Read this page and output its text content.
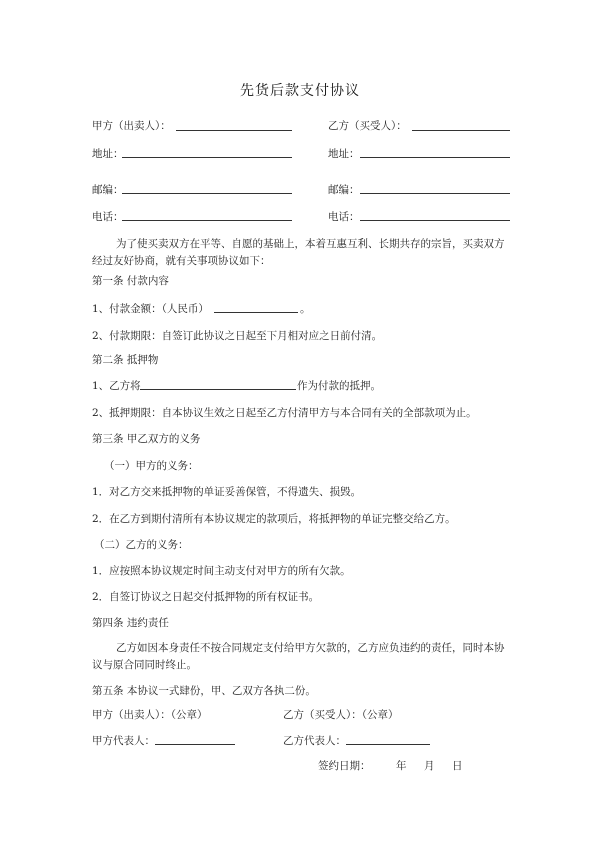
先货后款支付协议
甲方（出卖人）：	乙方（买受人）：
地址：	地址：
邮编：	邮编：
电话：	电话：
为了使买卖双方在平等、自愿的基础上，本着互惠互利、长期共存的宗旨，买卖双方经过友好协商，就有关事项协议如下：
第一条 付款内容
1、付款金额：（人民币）	。
2、付款期限：自签订此协议之日起至下月相对应之日前付清。
第二条 抵押物
1、乙方将	作为付款的抵押。
2、抵押期限：自本协议生效之日起至乙方付清甲方与本合同有关的全部款项为止。
第三条 甲乙双方的义务
（一）甲方的义务：
1．对乙方交来抵押物的单证妥善保管，不得遗失、损毁。
2．在乙方到期付清所有本协议规定的款项后，将抵押物的单证完整交给乙方。
（二）乙方的义务：
1．应按照本协议规定时间主动支付对甲方的所有欠款。
2．自签订协议之日起交付抵押物的所有权证书。
第四条 违约责任
乙方如因本身责任不按合同规定支付给甲方欠款的，乙方应负违约的责任，同时本协议与原合同同时终止。
第五条 本协议一式肆份，甲、乙双方各执二份。
甲方（出卖人）：（公章）	乙方（买受人）：（公章）
甲方代表人：	乙方代表人：
签约日期： 年 月 日
